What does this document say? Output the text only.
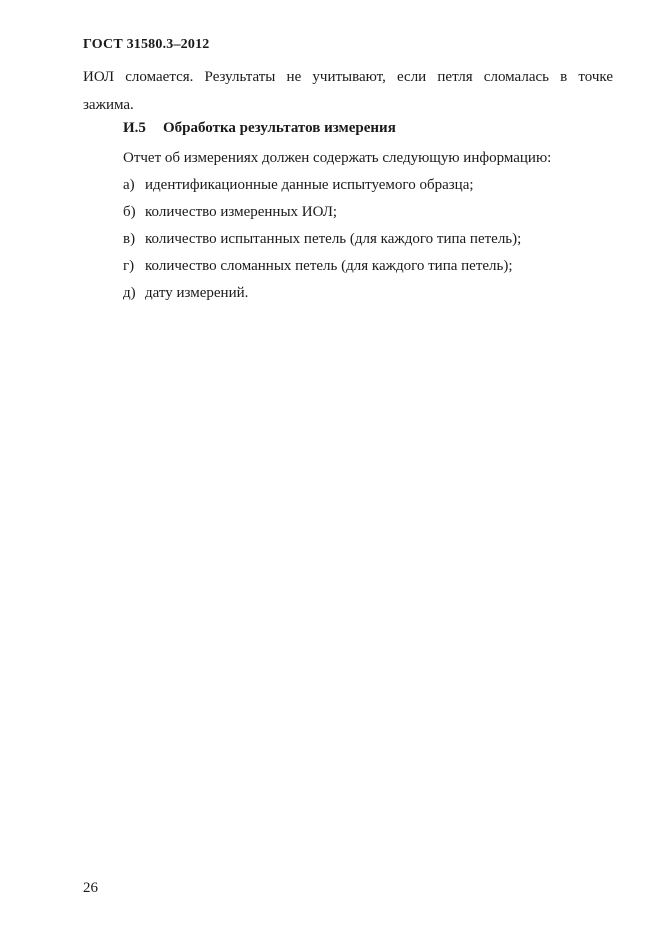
ГОСТ 31580.3–2012
ИОЛ сломается. Результаты не учитывают, если петля сломалась в точке
зажима.
И.5 Обработка результатов измерения
Отчет об измерениях должен содержать следующую информацию:
а) идентификационные данные испытуемого образца;
б) количество измеренных ИОЛ;
в) количество испытанных петель (для каждого типа петель);
г) количество сломанных петель (для каждого типа петель);
д) дату измерений.
26
